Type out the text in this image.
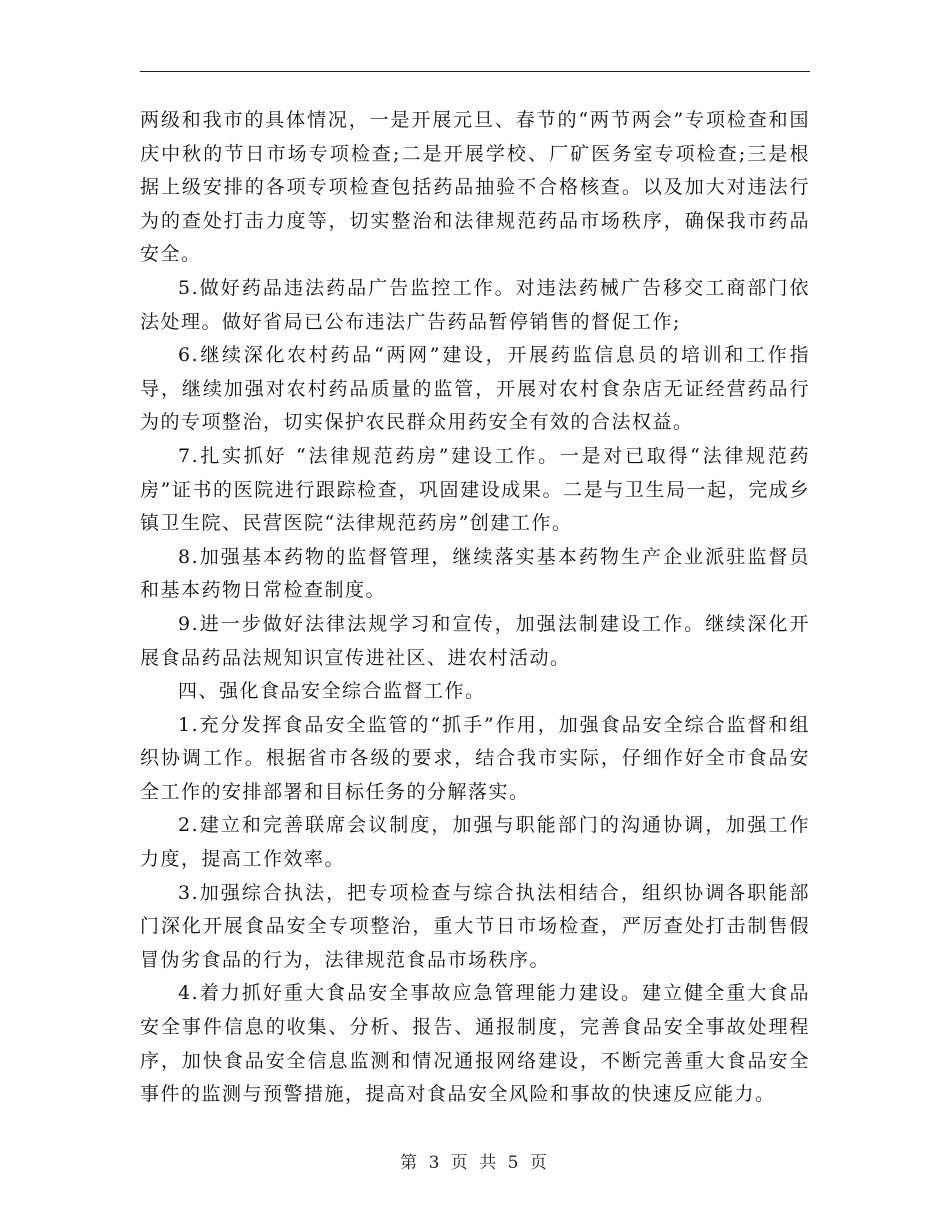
两级和我市的具体情况，一是开展元旦、春节的“两节两会”专项检查和国庆中秋的节日市场专项检查;二是开展学校、厂矿医务室专项检查;三是根据上级安排的各项专项检查包括药品抽验不合格核查。以及加大对违法行为的查处打击力度等，切实整治和法律规范药品市场秩序，确保我市药品安全。

5.做好药品违法药品广告监控工作。对违法药械广告移交工商部门依法处理。做好省局已公布违法广告药品暂停销售的督促工作;

6.继续深化农村药品“两网”建设，开展药监信息员的培训和工作指导，继续加强对农村药品质量的监管，开展对农村食杂店无证经营药品行为的专项整治，切实保护农民群众用药安全有效的合法权益。

7.扎实抓好 “法律规范药房”建设工作。一是对已取得“法律规范药房”证书的医院进行跟踪检查，巩固建设成果。二是与卫生局一起，完成乡镇卫生院、民营医院“法律规范药房”创建工作。

8.加强基本药物的监督管理，继续落实基本药物生产企业派驻监督员和基本药物日常检查制度。

9.进一步做好法律法规学习和宣传，加强法制建设工作。继续深化开展食品药品法规知识宣传进社区、进农村活动。

四、强化食品安全综合监督工作。

1.充分发挥食品安全监管的“抓手”作用，加强食品安全综合监督和组织协调工作。根据省市各级的要求，结合我市实际，仔细作好全市食品安全工作的安排部署和目标任务的分解落实。

2.建立和完善联席会议制度，加强与职能部门的沟通协调，加强工作力度，提高工作效率。

3.加强综合执法，把专项检查与综合执法相结合，组织协调各职能部门深化开展食品安全专项整治，重大节日市场检查，严厉查处打击制售假冒伪劣食品的行为，法律规范食品市场秩序。

4.着力抓好重大食品安全事故应急管理能力建设。建立健全重大食品安全事件信息的收集、分析、报告、通报制度，完善食品安全事故处理程序，加快食品安全信息监测和情况通报网络建设，不断完善重大食品安全事件的监测与预警措施，提高对食品安全风险和事故的快速反应能力。

第 3 页 共 5 页
